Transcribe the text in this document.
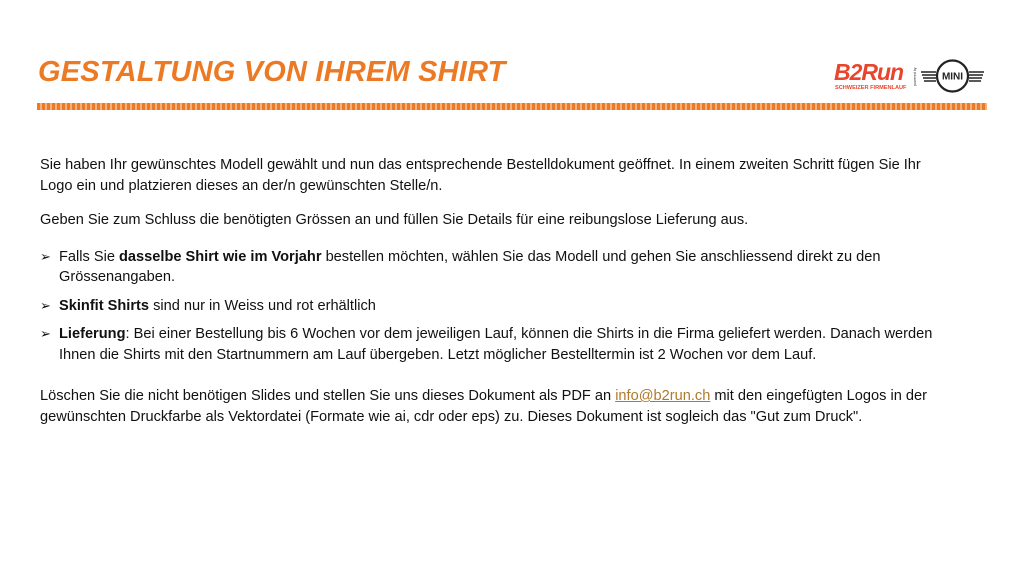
GESTALTUNG VON IHREM SHIRT	B2Run
SCHWEIZER FIRMENLAUF
powered by MINI

Sie haben Ihr gewünschtes Modell gewählt und nun das entsprechende Bestelldokument geöffnet. In einem zweiten Schritt fügen Sie Ihr Logo ein und platzieren dieses an der/n gewünschten Stelle/n.

Geben Sie zum Schluss die benötigten Grössen an und füllen Sie Details für eine reibungslose Lieferung aus.

➢ Falls Sie dasselbe Shirt wie im Vorjahr bestellen möchten, wählen Sie das Modell und gehen Sie anschliessend direkt zu den Grössenangaben.
➢ Skinfit Shirts sind nur in Weiss und rot erhältlich
➢ Lieferung: Bei einer Bestellung bis 6 Wochen vor dem jeweiligen Lauf, können die Shirts in die Firma geliefert werden. Danach werden Ihnen die Shirts mit den Startnummern am Lauf übergeben. Letzt möglicher Bestelltermin ist 2 Wochen vor dem Lauf.

Löschen Sie die nicht benötigen Slides und stellen Sie uns dieses Dokument als PDF an info@b2run.ch mit den eingefügten Logos in der gewünschten Druckfarbe als Vektordatei (Formate wie ai, cdr oder eps) zu. Dieses Dokument ist sogleich das "Gut zum Druck".
